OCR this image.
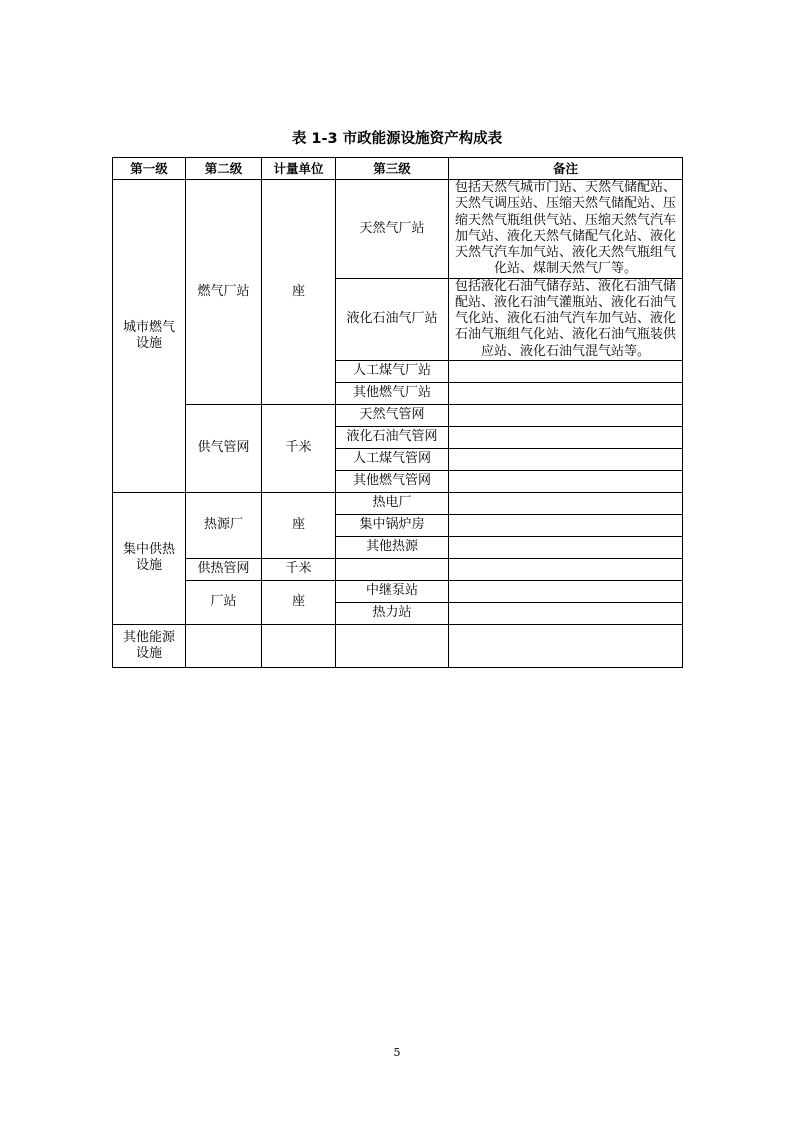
表 1-3 市政能源设施资产构成表
第一级	第二级	计量单位	第三级	备注
城市燃气
设施	燃气厂站	座	天然气厂站	包括天然气城市门站、天然气储配站、天然气调压站、压缩天然气储配站、压缩天然气瓶组供气站、压缩天然气汽车加气站、液化天然气储配气化站、液化天然气汽车加气站、液化天然气瓶组气化站、煤制天然气厂等。
			液化石油气厂站	包括液化石油气储存站、液化石油气储配站、液化石油气灌瓶站、液化石油气气化站、液化石油气汽车加气站、液化石油气瓶组气化站、液化石油气瓶装供应站、液化石油气混气站等。
			人工煤气厂站	
			其他燃气厂站	
	供气管网	千米	天然气管网	
			液化石油气管网	
			人工煤气管网	
			其他燃气管网	
集中供热
设施	热源厂	座	热电厂	
			集中锅炉房	
			其他热源	
	供热管网	千米		
	厂站	座	中继泵站	
			热力站	
其他能源
设施				
5
